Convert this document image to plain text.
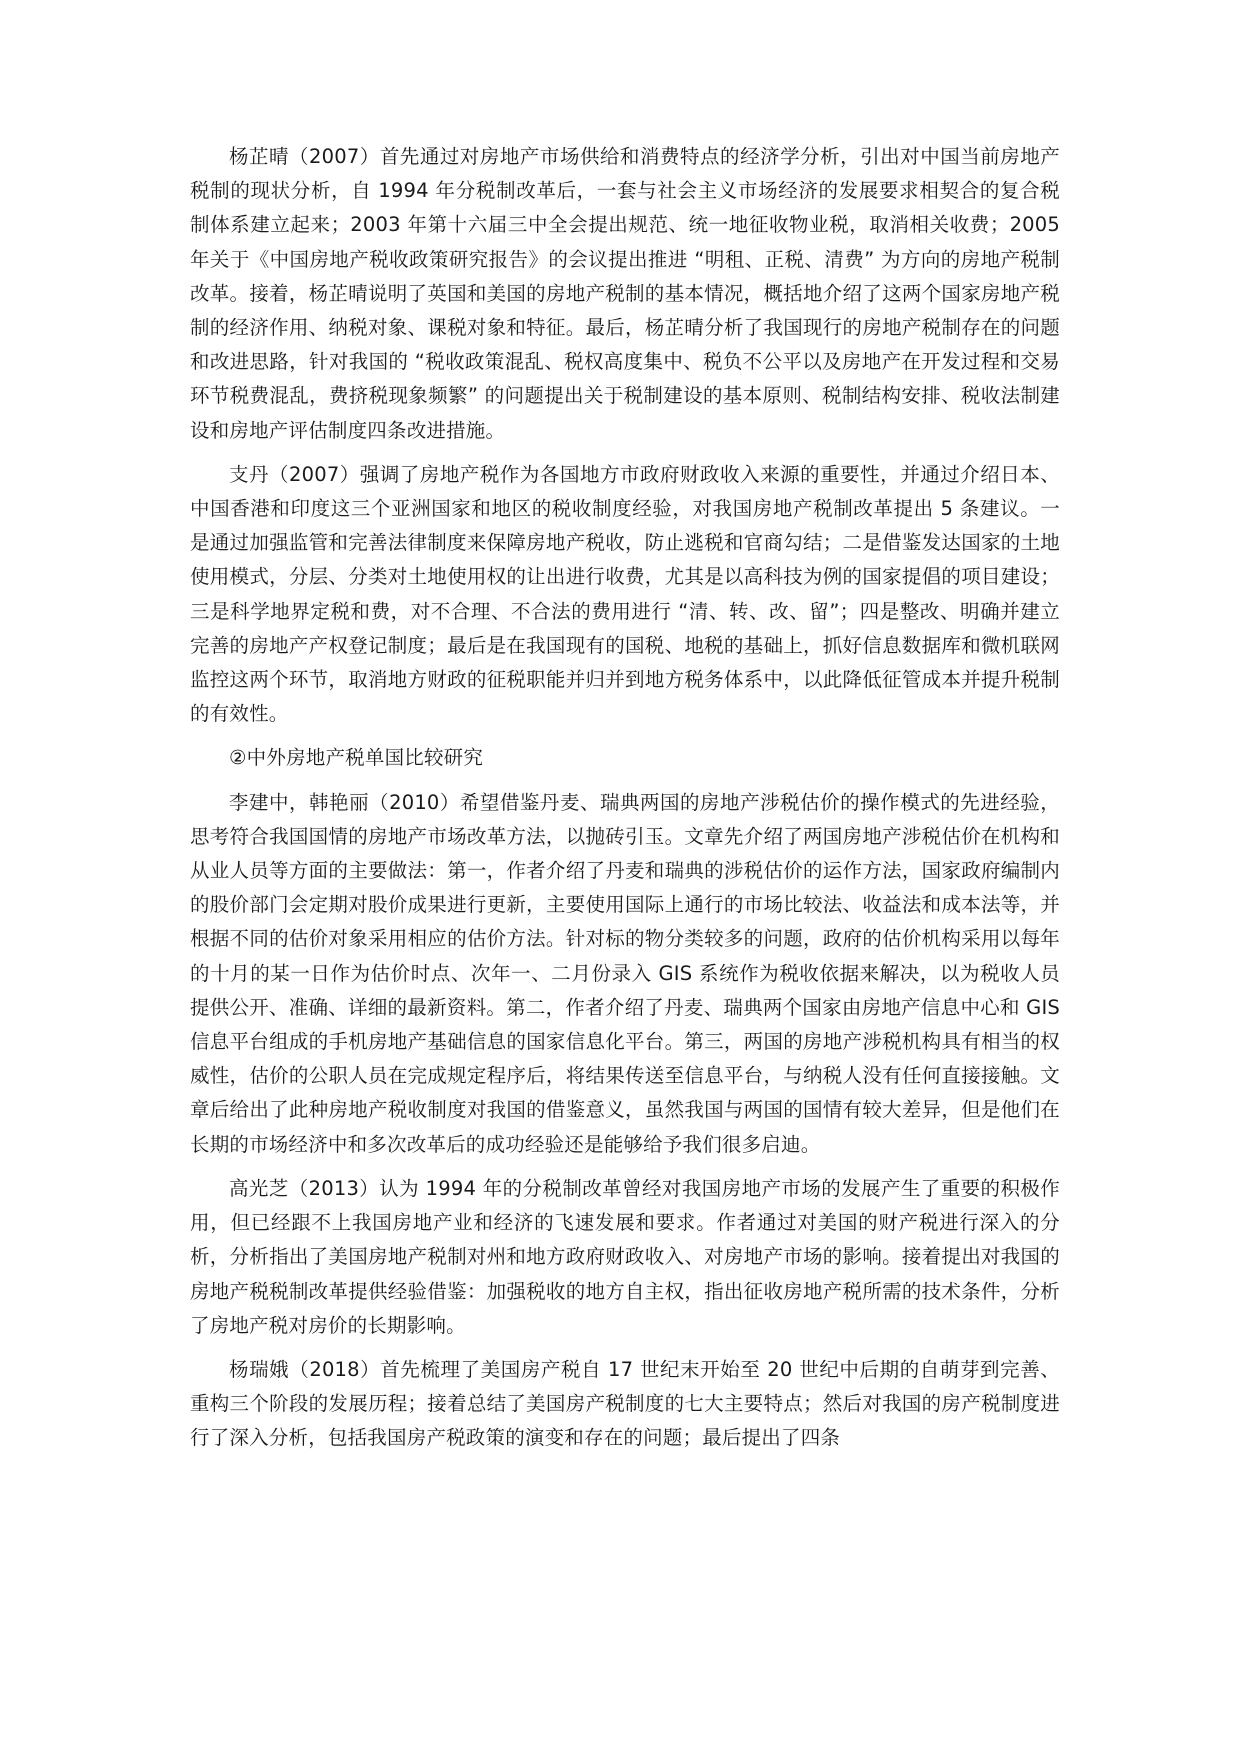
杨芷晴（2007）首先通过对房地产市场供给和消费特点的经济学分析，引出对中国当前房地产税制的现状分析，自 1994 年分税制改革后，一套与社会主义市场经济的发展要求相契合的复合税制体系建立起来；2003 年第十六届三中全会提出规范、统一地征收物业税，取消相关收费；2005 年关于《中国房地产税收政策研究报告》的会议提出推进 “明租、正税、清费” 为方向的房地产税制改革。接着，杨芷晴说明了英国和美国的房地产税制的基本情况，概括地介绍了这两个国家房地产税制的经济作用、纳税对象、课税对象和特征。最后，杨芷晴分析了我国现行的房地产税制存在的问题和改进思路，针对我国的 “税收政策混乱、税权高度集中、税负不公平以及房地产在开发过程和交易环节税费混乱，费挤税现象频繁” 的问题提出关于税制建设的基本原则、税制结构安排、税收法制建设和房地产评估制度四条改进措施。

支丹（2007）强调了房地产税作为各国地方市政府财政收入来源的重要性，并通过介绍日本、中国香港和印度这三个亚洲国家和地区的税收制度经验，对我国房地产税制改革提出 5 条建议。一是通过加强监管和完善法律制度来保障房地产税收，防止逃税和官商勾结；二是借鉴发达国家的土地使用模式，分层、分类对土地使用权的让出进行收费，尤其是以高科技为例的国家提倡的项目建设；三是科学地界定税和费，对不合理、不合法的费用进行 “清、转、改、留”；四是整改、明确并建立完善的房地产产权登记制度；最后是在我国现有的国税、地税的基础上，抓好信息数据库和微机联网监控这两个环节，取消地方财政的征税职能并归并到地方税务体系中，以此降低征管成本并提升税制的有效性。

②中外房地产税单国比较研究

李建中，韩艳丽（2010）希望借鉴丹麦、瑞典两国的房地产涉税估价的操作模式的先进经验，思考符合我国国情的房地产市场改革方法，以抛砖引玉。文章先介绍了两国房地产涉税估价在机构和从业人员等方面的主要做法：第一，作者介绍了丹麦和瑞典的涉税估价的运作方法，国家政府编制内的股价部门会定期对股价成果进行更新，主要使用国际上通行的市场比较法、收益法和成本法等，并根据不同的估价对象采用相应的估价方法。针对标的物分类较多的问题，政府的估价机构采用以每年的十月的某一日作为估价时点、次年一、二月份录入 GIS 系统作为税收依据来解决，以为税收人员提供公开、准确、详细的最新资料。第二，作者介绍了丹麦、瑞典两个国家由房地产信息中心和 GIS 信息平台组成的手机房地产基础信息的国家信息化平台。第三，两国的房地产涉税机构具有相当的权威性，估价的公职人员在完成规定程序后，将结果传送至信息平台，与纳税人没有任何直接接触。文章后给出了此种房地产税收制度对我国的借鉴意义，虽然我国与两国的国情有较大差异，但是他们在长期的市场经济中和多次改革后的成功经验还是能够给予我们很多启迪。

高光芝（2013）认为 1994 年的分税制改革曾经对我国房地产市场的发展产生了重要的积极作用，但已经跟不上我国房地产业和经济的飞速发展和要求。作者通过对美国的财产税进行深入的分析，分析指出了美国房地产税制对州和地方政府财政收入、对房地产市场的影响。接着提出对我国的房地产税税制改革提供经验借鉴：加强税收的地方自主权，指出征收房地产税所需的技术条件，分析了房地产税对房价的长期影响。

杨瑞娥（2018）首先梳理了美国房产税自 17 世纪末开始至 20 世纪中后期的自萌芽到完善、重构三个阶段的发展历程；接着总结了美国房产税制度的七大主要特点；然后对我国的房产税制度进行了深入分析，包括我国房产税政策的演变和存在的问题；最后提出了四条
